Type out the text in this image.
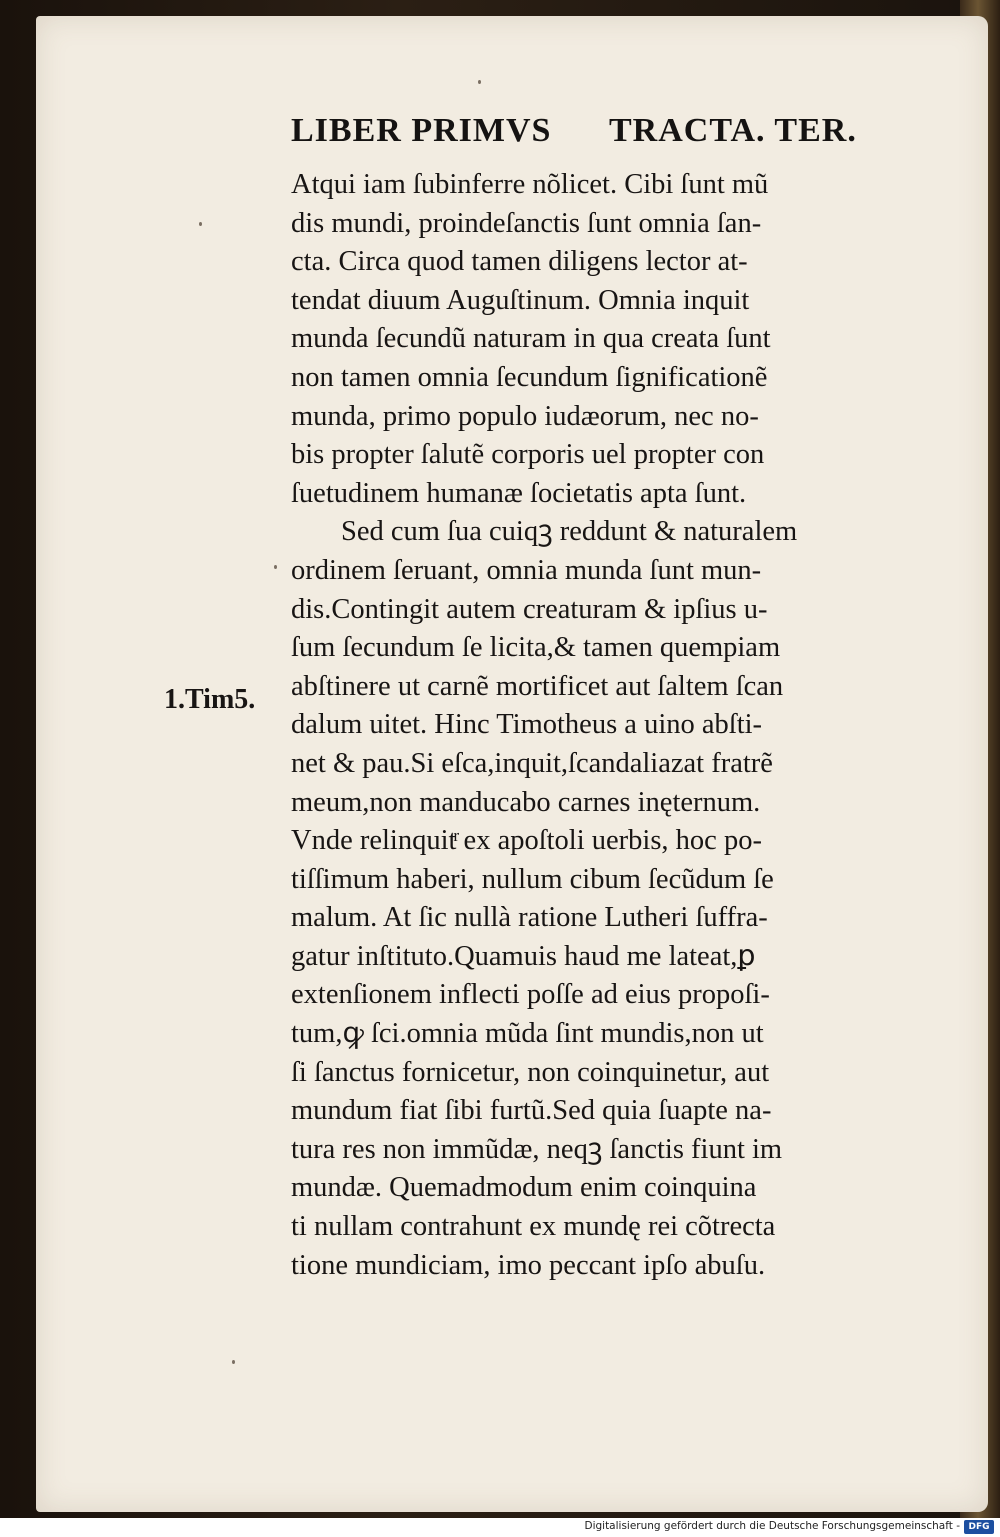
LIBER PRIMVS TRACTA. TER.
1.Tim5.
Atqui iam ſubinferre nõlicet. Cibi ſunt mũ
dis mundi, proindeſanctis ſunt omnia ſan-
cta. Circa quod tamen diligens lector at-
tendat diuum Auguſtinum. Omnia inquit
munda ſecundũ naturam in qua creata ſunt
non tamen omnia ſecundum ſignificationẽ
munda, primo populo iudæorum, nec no-
bis propter ſalutẽ corporis uel propter con
ſuetudinem humanæ ſocietatis apta ſunt.
Sed cum ſua cuiqꝫ reddunt & naturalem
ordinem ſeruant, omnia munda ſunt mun-
dis.Contingit autem creaturam & ipſius u-
ſum ſecundum ſe licita,& tamen quempiam
abſtinere ut carnẽ mortificet aut ſaltem ſcan
dalum uitet. Hinc Timotheus a uino abſti-
net & pau.Si eſca,inquit,ſcandaliazat fratrẽ
meum,non manducabo carnes inęternum.
Vnde relinquitͬ ex apoſtoli uerbis, hoc po-
tiſſimum haberi, nullum cibum ſecũdum ſe
malum. At ſic nullà ratione Lutheri ſuffra-
gatur inſtituto.Quamuis haud me lateat,ꝑ
extenſionem inflecti poſſe ad eius propoſi-
tum,ꝙ ſci.omnia mũda ſint mundis,non ut
ſi ſanctus fornicetur, non coinquinetur, aut
mundum fiat ſibi furtũ.Sed quia ſuapte na-
tura res non immũdæ, neqꝫ ſanctis fiunt im
mundæ. Quemadmodum enim coinquina
ti nullam contrahunt ex mundę rei cõtrecta
tione mundiciam, imo peccant ipſo abuſu.
Digitalisierung gefördert durch die Deutsche Forschungsgemeinschaft - DFG
